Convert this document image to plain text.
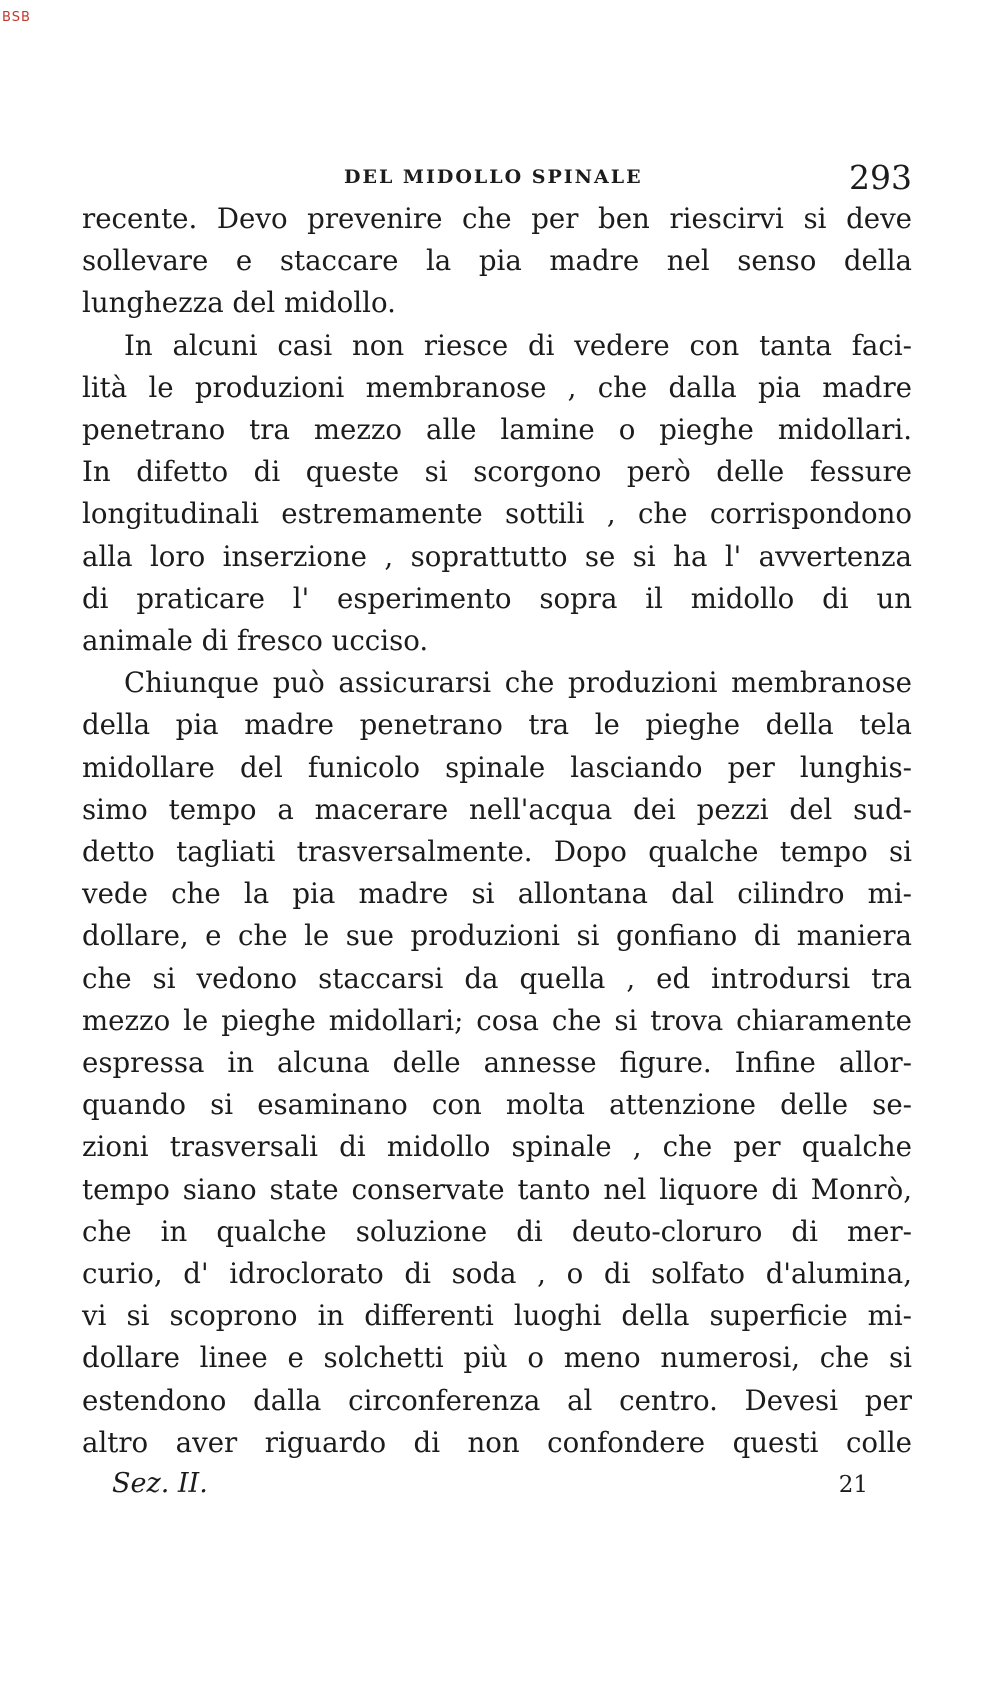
BSB
DEL MIDOLLO SPINALE	293
recente. Devo prevenire che per ben riescirvi si deve
sollevare e staccare la pia madre nel senso della
lunghezza del midollo.
In alcuni casi non riesce di vedere con tanta faci-
lità le produzioni membranose , che dalla pia madre
penetrano tra mezzo alle lamine o pieghe midollari.
In difetto di queste si scorgono però delle fessure
longitudinali estremamente sottili , che corrispondono
alla loro inserzione , soprattutto se si ha l' avvertenza
di praticare l' esperimento sopra il midollo di un
animale di fresco ucciso.
Chiunque può assicurarsi che produzioni membranose
della pia madre penetrano tra le pieghe della tela
midollare del funicolo spinale lasciando per lunghis-
simo tempo a macerare nell'acqua dei pezzi del sud-
detto tagliati trasversalmente. Dopo qualche tempo si
vede che la pia madre si allontana dal cilindro mi-
dollare, e che le sue produzioni si gonfiano di maniera
che si vedono staccarsi da quella , ed introdursi tra
mezzo le pieghe midollari; cosa che si trova chiaramente
espressa in alcuna delle annesse figure. Infine allor-
quando si esaminano con molta attenzione delle se-
zioni trasversali di midollo spinale , che per qualche
tempo siano state conservate tanto nel liquore di Monrò,
che in qualche soluzione di deuto-cloruro di mer-
curio, d' idroclorato di soda , o di solfato d'alumina,
vi si scoprono in differenti luoghi della superficie mi-
dollare linee e solchetti più o meno numerosi, che si
estendono dalla circonferenza al centro. Devesi per
altro aver riguardo di non confondere questi colle
Sez. II.	21
